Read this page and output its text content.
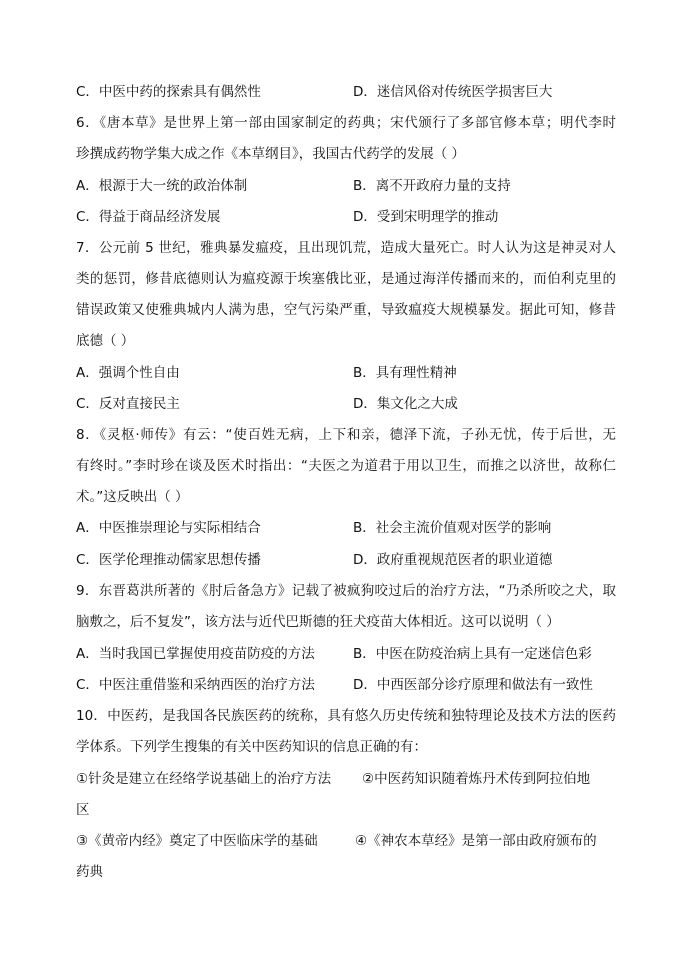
C．中医中药的探索具有偶然性	D．迷信风俗对传统医学损害巨大
6．《唐本草》是世界上第一部由国家制定的药典；宋代颁行了多部官修本草；明代李时
珍撰成药物学集大成之作《本草纲目》，我国古代药学的发展（ ）
A．根源于大一统的政治体制	B．离不开政府力量的支持
C．得益于商品经济发展	D．受到宋明理学的推动
7．公元前 5 世纪，雅典暴发瘟疫，且出现饥荒，造成大量死亡。时人认为这是神灵对人
类的惩罚，修昔底德则认为瘟疫源于埃塞俄比亚，是通过海洋传播而来的，而伯利克里的
错误政策又使雅典城内人满为患，空气污染严重，导致瘟疫大规模暴发。据此可知，修昔
底德（ ）
A．强调个性自由	B．具有理性精神
C．反对直接民主	D．集文化之大成
8．《灵枢·师传》有云：“使百姓无病，上下和亲，德泽下流，子孙无忧，传于后世，无
有终时。”李时珍在谈及医术时指出：“夫医之为道君于用以卫生，而推之以济世，故称仁
术。”这反映出（ ）
A．中医推崇理论与实际相结合	B．社会主流价值观对医学的影响
C．医学伦理推动儒家思想传播	D．政府重视规范医者的职业道德
9．东晋葛洪所著的《肘后备急方》记载了被疯狗咬过后的治疗方法，“乃杀所咬之犬，取
脑敷之，后不复发”，该方法与近代巴斯德的狂犬疫苗大体相近。这可以说明（ ）
A．当时我国已掌握使用疫苗防疫的方法	B．中医在防疫治病上具有一定迷信色彩
C．中医注重借鉴和采纳西医的治疗方法	D．中西医部分诊疗原理和做法有一致性
10．中医药，是我国各民族医药的统称，具有悠久历史传统和独特理论及技术方法的医药
学体系。下列学生搜集的有关中医药知识的信息正确的有：
①针灸是建立在经络学说基础上的治疗方法 ②中医药知识随着炼丹术传到阿拉伯地
区
③《黄帝内经》奠定了中医临床学的基础	④《神农本草经》是第一部由政府颁布的
药典
